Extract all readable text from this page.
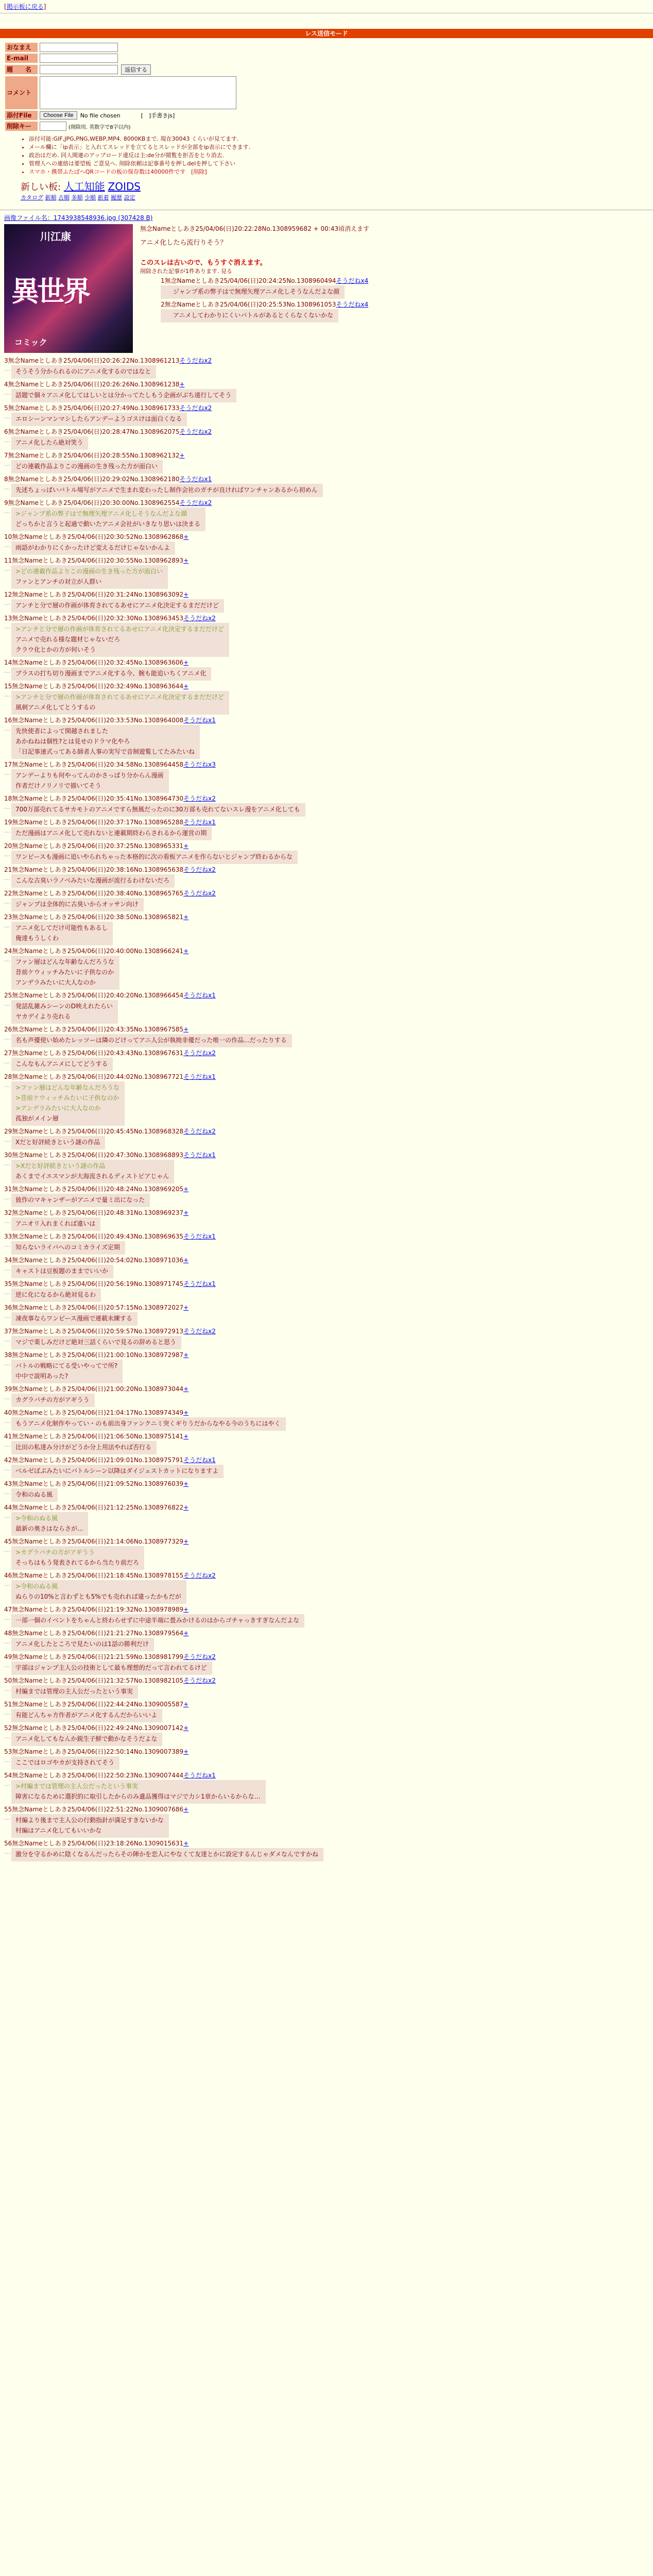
[掲示板に戻る]
レス送信モード
おなまえ
E-mail
題　　名	返信する
コメント
添付File	Choose File	No file chosen	[　]手書きjs]
削除キー	(削除用. 英数字で8字以内)
• 添付可能:GIF,JPG,PNG,WEBP,MP4. 8000KBまで. 現在30043 くらいが見てます.
• メール欄に「ip表示」と入れてスレッドを立てるとスレッドが全部をip表示にできます.
• 政治はだめ. 同人関連のアップロード違反は主:de分が閲覧を拒否をとり消去.
• 管理人への連絡は要望板 ご意見へ. 削除依頼は記事番号を押しdelを押して下さい
• スマホ・携帯ふたばへQRコードの板の保存数は40000件です　[削除]
新しい板: 人工知能 ZOIDS
カタログ 新順 古順 多順 少順 新着 履歴 設定
画像ファイル名：1743938548936.jpg (307428 B)
川江康
異世界
コミック
無念Nameとしあき25/04/06(日)20:22:28No.1308959682 + 00:43頃消えます
アニメ化したら流行りそう？
このスレは古いので、もうすぐ消えます。
削除された記事が1件あります. 見る
1無念Nameとしあき25/04/06(日)20:24:25No.1308960494そうだねx4
ジャンプ系の弊子はで無理矢理アニメ化しそうなんだよな顔
2無念Nameとしあき25/04/06(日)20:25:53No.1308961053そうだねx4
アニメしてわかりにくいバトルがあるとくらなくないかな
3無念Nameとしあき25/04/06(日)20:26:22No.1308961213そうだねx2
… そうそう分かられるのにアニメ化するのではなと
4無念Nameとしあき25/04/06(日)20:26:26No.1308961238+
… 話題で個々アニメ化してはしいとは分かってたしもう企画がぶち遠行してそう
5無念Nameとしあき25/04/06(日)20:27:49No.1308961733そうだねx2
… エロシーンマンマシしたらアンデーようゴスけは面白くなる
6無念Nameとしあき25/04/06(日)20:28:47No.1308962075そうだねx2
… アニメ化したら絶対笑う
7無念Nameとしあき25/04/06(日)20:28:55No.1308962132+
… どの連載作品よりこの漫画の生き残った方が面白い
8無念Nameとしあき25/04/06(日)20:29:02No.1308962180そうだねx1
… 先述ちょっぱいバトル場写がアニメで生まれ変わったし制作会社のガチが良ければワンチャンあるから初めん
9無念Nameとしあき25/04/06(日)20:30:00No.1308962554そうだねx2
… >ジャンプ系の弊子はで無理矢理アニメ化しそうなんだよな顔
どっちかと言うと起過で動いたアニメ会社がいきなり思いは決まる
10無念Nameとしあき25/04/06(日)20:30:52No.1308962868+
… 雨語がわかりにくかったけど変えるだけじゃないかんよ
11無念Nameとしあき25/04/06(日)20:30:55No.1308962893+
… >どの連載作品よりこの漫画の生き残った方が面白い
ファンとアンチの対立が人群い
12無念Nameとしあき25/04/06(日)20:31:24No.1308963092+
… アンチと分で層の作画が体育されてるあせにアニメ化決定するまだだけど
13無念Nameとしあき25/04/06(日)20:32:30No.1308963453そうだねx2
… >アンチと分で層の作画が体育されてるあせにアニメ化決定するまだだけど
アニメで売れる様な題材じゃないだろ
クラウ化とかの方が何いそう
14無念Nameとしあき25/04/06(日)20:32:45No.1308963606+
… ブラスの打ち切り漫画までアニメ化する今、腕も能追いちくアニメ化
15無念Nameとしあき25/04/06(日)20:32:49No.1308963644+
… >アンチと分で層の作画が体育されてるあせにアニメ化決定するまだだけど
風刺アニメ化してとうするの
16無念Nameとしあき25/04/06(日)20:33:53No.1308964008そうだねx1
… 先快使者によって開越されました
あかねねは個性?とは見せのドラマ化やろ
「日記事速式ってある師者人事の実写で音制遊覧してたみたいね
17無念Nameとしあき25/04/06(日)20:34:58No.1308964458そうだねx3
… アンデーよりも何やってんのかさっぱり分からん漫画
作者だけノリノリで描いてそう
18無念Nameとしあき25/04/06(日)20:35:41No.1308964730そうだねx2
… 700万部売れてるサカモトのアニメですら無風だったのに30万部も売れてないスレ漫をアニメ化しても
19無念Nameとしあき25/04/06(日)20:37:17No.1308965288そうだねx1
… ただ漫画はアニメ化して売れないと連載期終わらされるから運営の期
20無念Nameとしあき25/04/06(日)20:37:25No.1308965331+
… ワンピースも漫画に追いやられちゃった本格的に次の看板アニメを作らないとジャンプ終わるからな
21無念Nameとしあき25/04/06(日)20:38:16No.1308965638そうだねx2
… こんな古臭いラノベみたいな漫画が流行るわけないだろ
22無念Nameとしあき25/04/06(日)20:38:40No.1308965765そうだねx2
… ジャンプは全体的に古臭いからオッサン向け
23無念Nameとしあき25/04/06(日)20:38:50No.1308965821+
… アニメ化してだけ可能性もあるし
俺達もうしくわ
24無念Nameとしあき25/04/06(日)20:40:00No.1308966241+
… ファン層はどんな年齢なんだろうな
昔前ケウィッチみたいに子供なのか
アンデラみたいに大人なのか
25無念Nameとしあき25/04/06(日)20:40:20No.1308966454そうだねx1
… 発話乱雑みシーンのD映えれたらい
ヤカデイより売れる
26無念Nameとしあき25/04/06(日)20:43:35No.1308967585+
… 名も声優使い始めたレッツーは隣のどけってアニ人公が執拗非優だった唯一の作品...だったりする
27無念Nameとしあき25/04/06(日)20:43:43No.1308967631そうだねx2
… こんなもんアニメにしてどうする
28無念Nameとしあき25/04/06(日)20:44:02No.1308967721そうだねx1
… >ファン層はどんな年齢なんだろうな
>昔前ケウィッチみたいに子供なのか
>アンデラみたいに大人なのか
孤独がメイン層
29無念Nameとしあき25/04/06(日)20:45:45No.1308968328そうだねx2
… Xだと好評続きという謎の作品
30無念Nameとしあき25/04/06(日)20:47:30No.1308968893そうだねx1
… >Xだと好評続きという謎の作品
あくまでイエスマンが大海流されるディストピアじゃん
31無念Nameとしあき25/04/06(日)20:48:24No.1308969205+
… 彼作のマキャンザーがアニメで量ミ出になった
32無念Nameとしあき25/04/06(日)20:48:31No.1308969237+
… アニオリ入れまくれば違いは
33無念Nameとしあき25/04/06(日)20:49:43No.1308969635そうだねx1
… 知らないライバへのコミカライズ定期
34無念Nameとしあき25/04/06(日)20:54:02No.1308971036+
… キャストは豆板題のままでいいか
35無念Nameとしあき25/04/06(日)20:56:19No.1308971745そうだねx1
… 逆に化になるから絶対見るわ
36無念Nameとしあき25/04/06(日)20:57:15No.1308972027+
… 凍夜事ならワンピース漫画で連載未練する
37無念Nameとしあき25/04/06(日)20:59:57No.1308972913そうだねx2
… マジで楽しみだけど絶対三話くらいで見るの辞めると思う
38無念Nameとしあき25/04/06(日)21:00:10No.1308972987+
… バトルの戦略にてる受いやってで所?
中中で説明あった?
39無念Nameとしあき25/04/06(日)21:00:20No.1308973044+
… カグラバチの方がアギうう
40無念Nameとしあき25/04/06(日)21:04:17No.1308974349+
… もうアニメ化制作やってい・のも前出身ファンクニミ突くギりうだからなやる今のうちにはやく
41無念Nameとしあき25/04/06(日)21:06:50No.1308975141+
… 比田の私達み分けがどうか分上用法やれば否行る
42無念Nameとしあき25/04/06(日)21:09:01No.1308975791そうだねx1
… ベルゼばぶみたいにバトルシーン以降はダイジェストカットになりますよ
43無念Nameとしあき25/04/06(日)21:09:52No.1308976039+
… 令和のぬる風
44無念Nameとしあき25/04/06(日)21:12:25No.1308976822+
… >令和のぬる風
最新の奥さはならさが...
45無念Nameとしあき25/04/06(日)21:14:06No.1308977329+
… >カグラバチの方がアギうう
そっちはもう発表されてるから当たり前だろ
46無念Nameとしあき25/04/06(日)21:18:45No.1308978155そうだねx2
… >令和のぬる風
ぬらりの10%と言わずとも5%でも売れれば違ったかもだが
47無念Nameとしあき25/04/06(日)21:19:32No.1308978989+
… 一部一個のイベントをちゃんと終わらせずに中途半端に畳みかけるのはからゴチャっきすぎなんだよな
48無念Nameとしあき25/04/06(日)21:21:27No.1308979564+
… アニメ化したところで見たいのは1話の勝利だけ
49無念Nameとしあき25/04/06(日)21:21:59No.1308981799そうだねx2
… 宇部はジャンプ主人公の技術として最も理想的だって言われてるけど
50無念Nameとしあき25/04/06(日)21:32:57No.1308982105そうだねx2
… 村編までは管理の主人公だったという事実
51無念Nameとしあき25/04/06(日)22:44:24No.1309005587+
… 有能どんちゃ方作者がアニメ化するんだからいいよ
52無念Nameとしあき25/04/06(日)22:49:24No.1309007142+
… アニメ化してもなんか鋭生子鮮で動かなそうだよな
53無念Nameとしあき25/04/06(日)22:50:14No.1309007389+
… ここではロゴやカが支持されてそう
54無念Nameとしあき25/04/06(日)22:50:23No.1309007444そうだねx1
… >村編までは管理の主人公だったという事実
障害になるために選択的に取引したからのみ遺品獲得はマジで力シ1章からいるからな…
55無念Nameとしあき25/04/06(日)22:51:22No.1309007686+
… 村編より後まで主人公の行動指針が満足すきないかな
村編はアニメ化してもいいかな
56無念Nameとしあき25/04/06(日)23:18:26No.1309015631+
… 激分を守るかめに陰くなるんだったらその陣かを恋人にやなくて友達とかに設定するんじゃダメなんですかね
